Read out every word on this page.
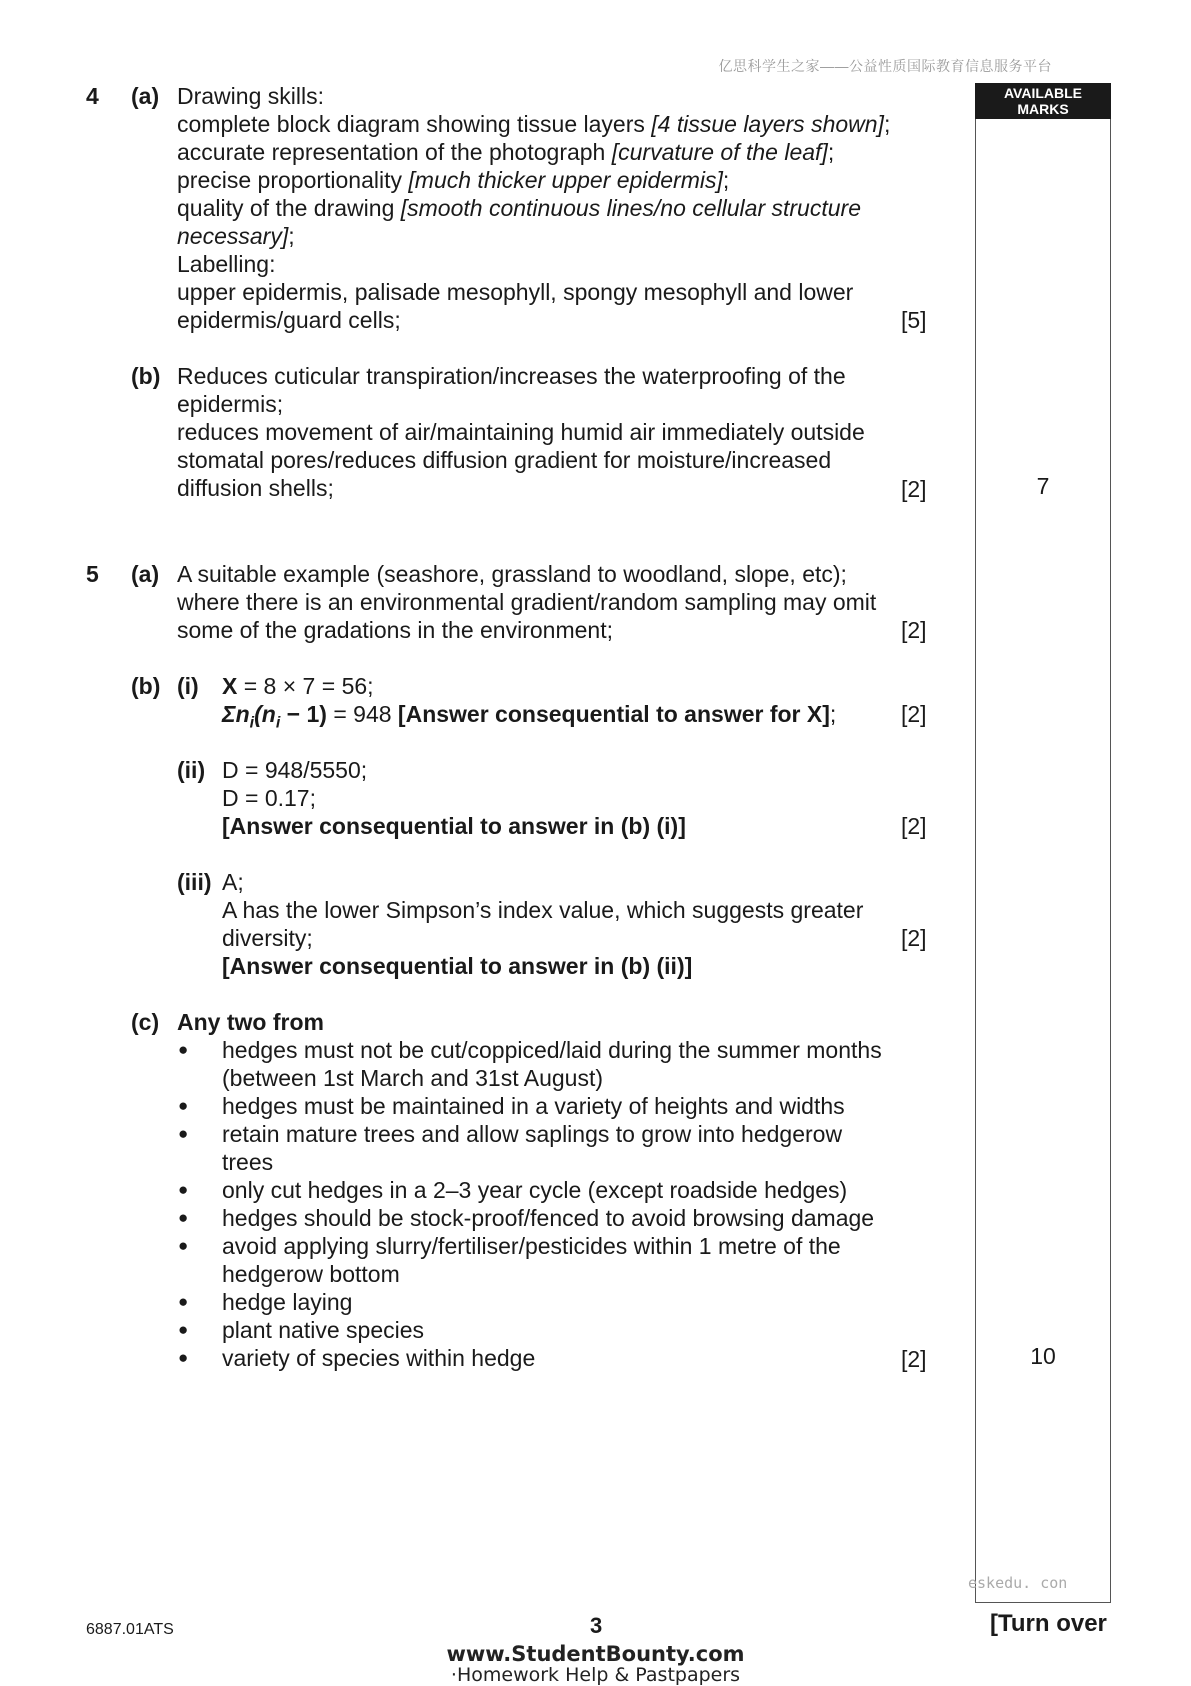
亿思科学生之家——公益性质国际教育信息服务平台
AVAILABLE MARKS
4 (a) Drawing skills:
complete block diagram showing tissue layers [4 tissue layers shown];
accurate representation of the photograph [curvature of the leaf];
precise proportionality [much thicker upper epidermis];
quality of the drawing [smooth continuous lines/no cellular structure
necessary];
Labelling:
upper epidermis, palisade mesophyll, spongy mesophyll and lower
epidermis/guard cells;	[5]
(b) Reduces cuticular transpiration/increases the waterproofing of the
epidermis;
reduces movement of air/maintaining humid air immediately outside
stomatal pores/reduces diffusion gradient for moisture/increased
diffusion shells;	[2]	7
5 (a) A suitable example (seashore, grassland to woodland, slope, etc);
where there is an environmental gradient/random sampling may omit
some of the gradations in the environment;	[2]
(b) (i) X = 8 × 7 = 56;
$\Sigma n_i(n_i - 1) = 948$ [Answer consequential to answer for X];	[2]
(ii) D = 948/5550;
D = 0.17;
[Answer consequential to answer in (b) (i)]	[2]
(iii) A;
A has the lower Simpson’s index value, which suggests greater
diversity;	[2]
[Answer consequential to answer in (b) (ii)]
(c) Any two from
● hedges must not be cut/coppiced/laid during the summer months
(between 1st March and 31st August)
● hedges must be maintained in a variety of heights and widths
● retain mature trees and allow saplings to grow into hedgerow
trees
● only cut hedges in a 2–3 year cycle (except roadside hedges)
● hedges should be stock-proof/fenced to avoid browsing damage
● avoid applying slurry/fertiliser/pesticides within 1 metre of the
hedgerow bottom
● hedge laying
● plant native species
● variety of species within hedge	[2]	10
eskedu. con
6887.01ATS	3	[Turn over
www.StudentBounty.com
·Homework Help & Pastpapers
